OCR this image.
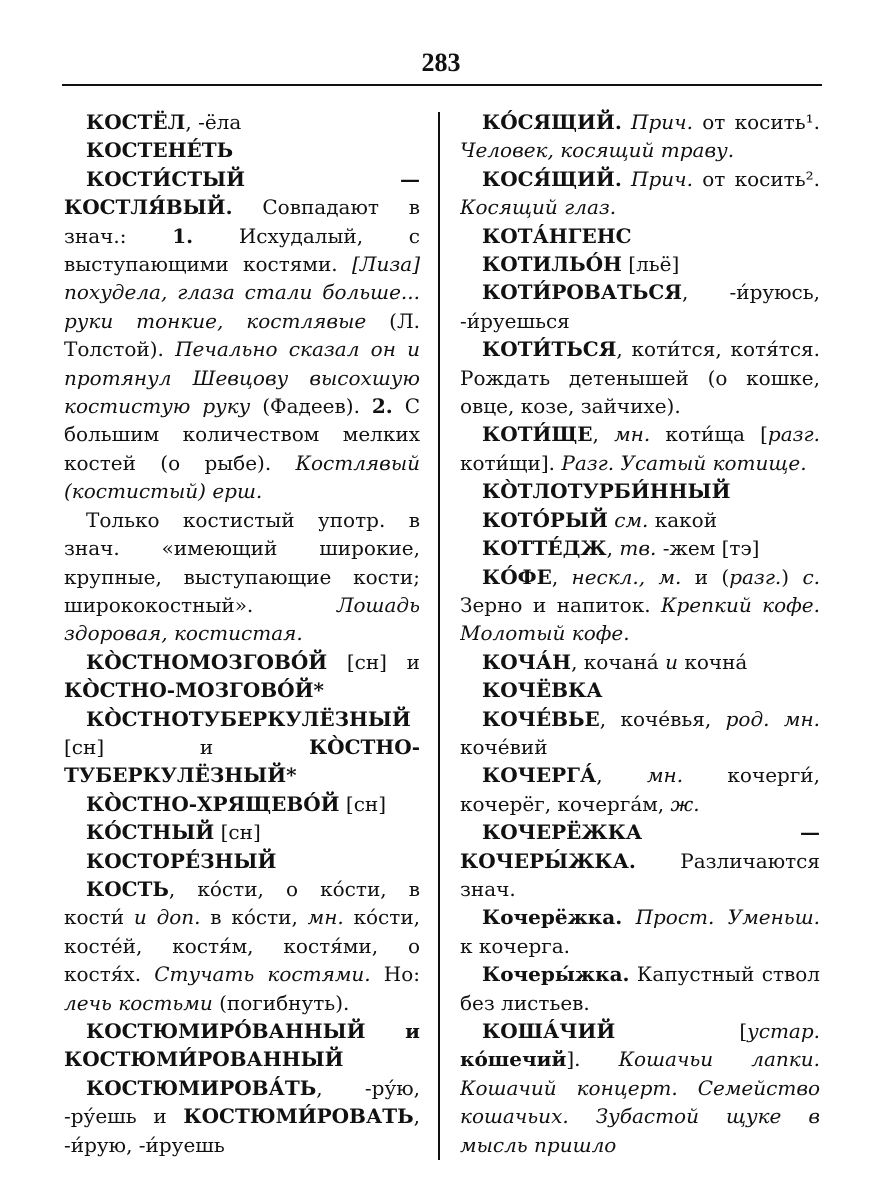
283

КОСТЁЛ, -ёла

КОСТЕНЕ́ТЬ

КОСТИ́СТЫЙ — КОСТЛЯ́ВЫЙ. Совпадают в знач.: 1. Исхудалый, с выступающими костями. [Лиза] похудела, глаза стали больше... руки тонкие, костлявые (Л. Толстой). Печально сказал он и протянул Шевцову высохшую костистую руку (Фадеев). 2. С большим количеством мелких костей (о рыбе). Костлявый (костистый) ерш.

Только костистый употр. в знач. «имеющий широкие, крупные, выступающие кости; ширококостный». Лошадь здоровая, костистая.

КО̀СТНОМОЗГОВО́Й [сн] и КО̀СТНО-МОЗГОВО́Й*

КО̀СТНОТУБЕРКУЛЁЗНЫЙ [сн] и КО̀СТНО-ТУБЕРКУЛЁЗНЫЙ*

КО̀СТНО-ХРЯЩЕВО́Й [сн]

КО́СТНЫЙ [сн]

КОСТОРЕ́ЗНЫЙ

КОСТЬ, ко́сти, о ко́сти, в кости́ и доп. в ко́сти, мн. ко́сти, косте́й, костя́м, костя́ми, о костя́х. Стучать костями. Но: лечь костьми (погибнуть).

КОСТЮМИРО́ВАННЫЙ и КОСТЮМИ́РОВАННЫЙ

КОСТЮМИРОВА́ТЬ, -ру́ю, -ру́ешь и КОСТЮМИ́РОВАТЬ, -и́рую, -и́руешь

КО́СЯЩИЙ. Прич. от косить¹. Человек, косящий траву.

КОСЯ́ЩИЙ. Прич. от косить². Косящий глаз.

КОТА́НГЕНС

КОТИЛЬО́Н [льё]

КОТИ́РОВАТЬСЯ, -и́руюсь, -и́руешься

КОТИ́ТЬСЯ, коти́тся, котя́тся. Рождать детенышей (о кошке, овце, козе, зайчихе).

КОТИ́ЩЕ, мн. коти́ща [разг. коти́щи]. Разг. Усатый котище.

КО̀ТЛОТУРБИ́ННЫЙ

КОТО́РЫЙ см. какой

КОТТЕ́ДЖ, тв. -жем [тэ]

КО́ФЕ, нескл., м. и (разг.) с. Зерно и напиток. Крепкий кофе. Молотый кофе.

КОЧА́Н, кочана́ и кочна́

КОЧЁВКА

КОЧЕ́ВЬЕ, коче́вья, род. мн. коче́вий

КОЧЕРГА́, мн. кочерги́, кочерёг, кочерга́м, ж.

КОЧЕРЁЖКА — КОЧЕРЫ́ЖКА. Различаются знач.

Кочерёжка. Прост. Уменьш. к кочерга.

Кочеры́жка. Капустный ствол без листьев.

КОША́ЧИЙ [устар. ко́шечий]. Кошачьи лапки. Кошачий концерт. Семейство кошачьих. Зубастой щуке в мысль пришло
